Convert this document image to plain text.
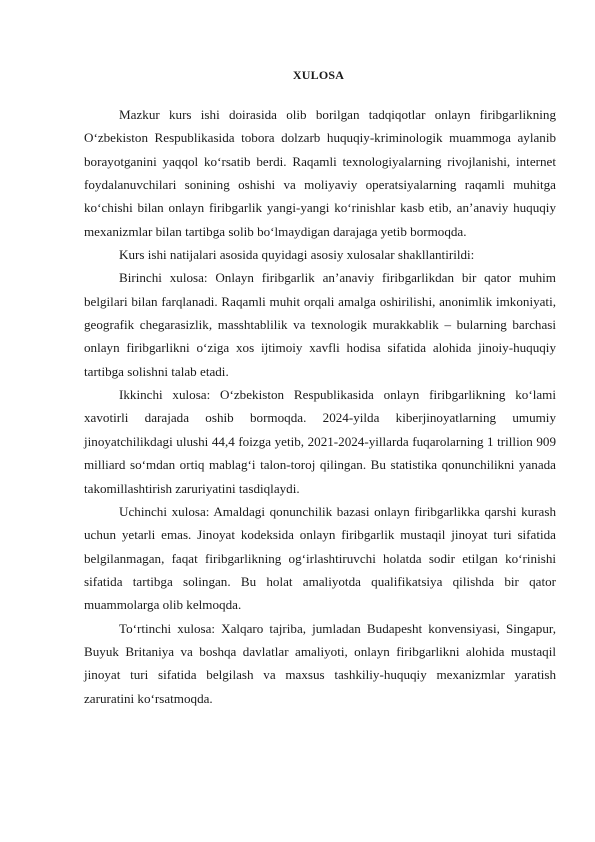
XULOSA

Mazkur kurs ishi doirasida olib borilgan tadqiqotlar onlayn firibgarlikning O‘zbekiston Respublikasida tobora dolzarb huquqiy-kriminologik muammoga aylanib borayotganini yaqqol ko‘rsatib berdi. Raqamli texnologiyalarning rivojlanishi, internet foydalanuvchilari sonining oshishi va moliyaviy operatsiyalarning raqamli muhitga ko‘chishi bilan onlayn firibgarlik yangi-yangi ko‘rinishlar kasb etib, an’anaviy huquqiy mexanizmlar bilan tartibga solib bo‘lmaydigan darajaga yetib bormoqda.

Kurs ishi natijalari asosida quyidagi asosiy xulosalar shakllantirildi:

Birinchi xulosa: Onlayn firibgarlik an’anaviy firibgarlikdan bir qator muhim belgilari bilan farqlanadi. Raqamli muhit orqali amalga oshirilishi, anonimlik imkoniyati, geografik chegarasizlik, masshtablilik va texnologik murakkablik – bularning barchasi onlayn firibgarlikni o‘ziga xos ijtimoiy xavfli hodisa sifatida alohida jinoiy-huquqiy tartibga solishni talab etadi.

Ikkinchi xulosa: O‘zbekiston Respublikasida onlayn firibgarlikning ko‘lami xavotirli darajada oshib bormoqda. 2024-yilda kiberjinoyatlarning umumiy jinoyatchilikdagi ulushi 44,4 foizga yetib, 2021-2024-yillarda fuqarolarning 1 trillion 909 milliard so‘mdan ortiq mablag‘i talon-toroj qilingan. Bu statistika qonunchilikni yanada takomillashtirish zaruriyatini tasdiqlaydi.

Uchinchi xulosa: Amaldagi qonunchilik bazasi onlayn firibgarlikka qarshi kurash uchun yetarli emas. Jinoyat kodeksida onlayn firibgarlik mustaqil jinoyat turi sifatida belgilanmagan, faqat firibgarlikning og‘irlashtiruvchi holatda sodir etilgan ko‘rinishi sifatida tartibga solingan. Bu holat amaliyotda qualifikatsiya qilishda bir qator muammolarga olib kelmoqda.

To‘rtinchi xulosa: Xalqaro tajriba, jumladan Budapesht konvensiyasi, Singapur, Buyuk Britaniya va boshqa davlatlar amaliyoti, onlayn firibgarlikni alohida mustaqil jinoyat turi sifatida belgilash va maxsus tashkiliy-huquqiy mexanizmlar yaratish zaruratini ko‘rsatmoqda.
